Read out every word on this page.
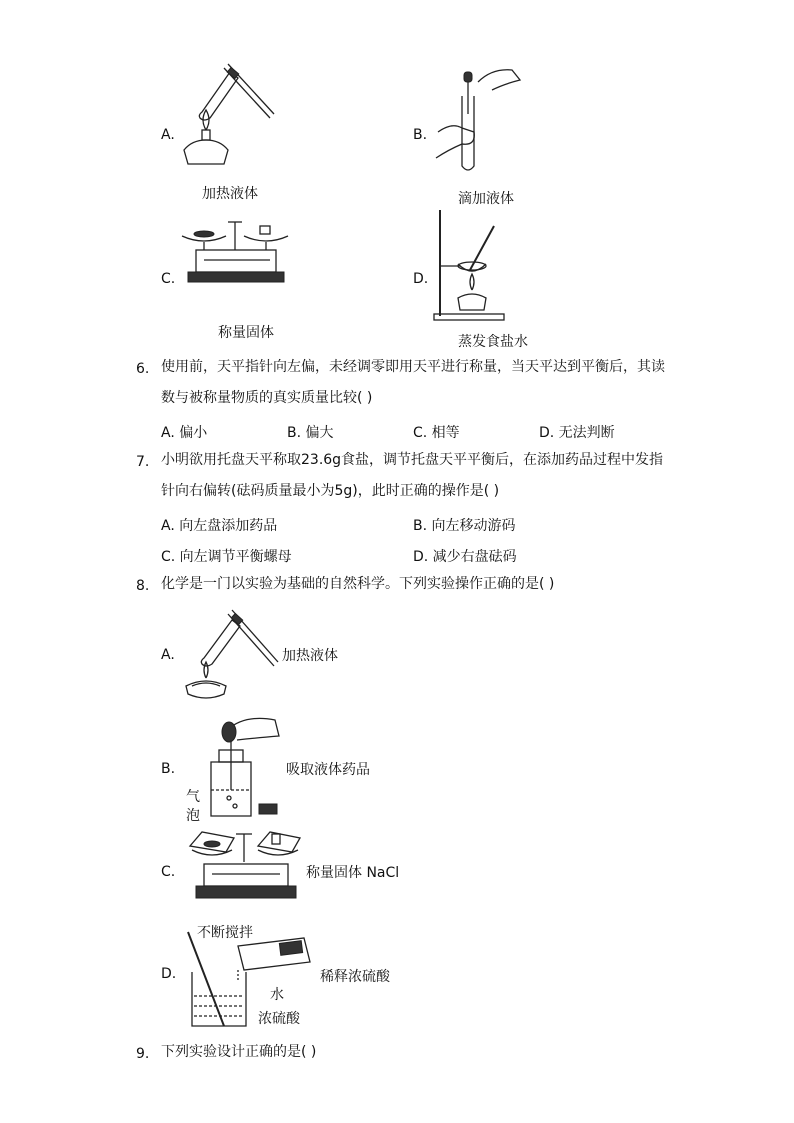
A.
加热液体
B.
滴加液体
C.
称量固体
D.
蒸发食盐水
6. 使用前，天平指针向左偏，未经调零即用天平进行称量，当天平达到平衡后，其读
数与被称量物质的真实质量比较( )
A. 偏小	B. 偏大	C. 相等	D. 无法判断
7. 小明欲用托盘天平称取23.6g食盐，调节托盘天平平衡后，在添加药品过程中发指
针向右偏转(砝码质量最小为5g)，此时正确的操作是( )
A. 向左盘添加药品	B. 向左移动游码
C. 向左调节平衡螺母	D. 减少右盘砝码
8. 化学是一门以实验为基础的自然科学。下列实验操作正确的是( )
A.	加热液体
B.
气
泡
吸取液体药品
C.	称量固体 NaCl
D.
不断搅拌
稀释浓硫酸
水
浓硫酸
9. 下列实验设计正确的是( )
